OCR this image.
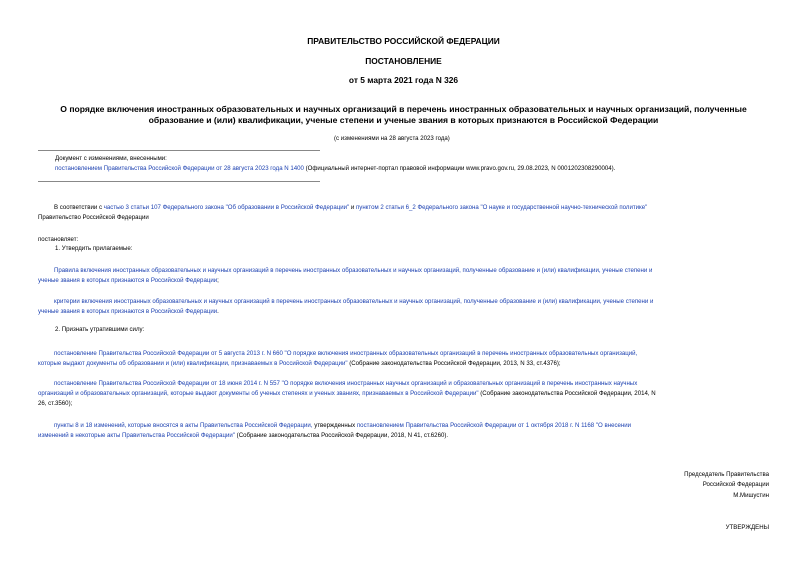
ПРАВИТЕЛЬСТВО РОССИЙСКОЙ ФЕДЕРАЦИИ
ПОСТАНОВЛЕНИЕ
от 5 марта 2021 года N 326
О порядке включения иностранных образовательных и научных организаций в перечень иностранных образовательных и научных организаций, полученные
образование и (или) квалификации, ученые степени и ученые звания в которых признаются в Российской Федерации
(с изменениями на 28 августа 2023 года)
Документ с изменениями, внесенными:
постановлением Правительства Российской Федерации от 28 августа 2023 года N 1400 (Официальный интернет-портал правовой информации www.pravo.gov.ru, 29.08.2023, N 0001202308290004).
В соответствии с частью 3 статьи 107 Федерального закона "Об образовании в Российской Федерации" и пунктом 2 статьи 6_2 Федерального закона "О науке и государственной научно-технической политике"
Правительство Российской Федерации
постановляет:
1. Утвердить прилагаемые:
Правила включения иностранных образовательных и научных организаций в перечень иностранных образовательных и научных организаций, полученные образование и (или) квалификации, ученые степени и
ученые звания в которых признаются в Российской Федерации;
критерии включения иностранных образовательных и научных организаций в перечень иностранных образовательных и научных организаций, полученные образование и (или) квалификации, ученые степени и
ученые звания в которых признаются в Российской Федерации.
2. Признать утратившими силу:
постановление Правительства Российской Федерации от 5 августа 2013 г. N 660 "О порядке включения иностранных образовательных организаций в перечень иностранных образовательных организаций,
которые выдают документы об образовании и (или) квалификации, признаваемых в Российской Федерации" (Собрание законодательства Российской Федерации, 2013, N 33, ст.4376);
постановление Правительства Российской Федерации от 18 июня 2014 г. N 557 "О порядке включения иностранных научных организаций и образовательных организаций в перечень иностранных научных
организаций и образовательных организаций, которые выдают документы об ученых степенях и ученых званиях, признаваемых в Российской Федерации" (Собрание законодательства Российской Федерации, 2014, N
26, ст.3560);
пункты 8 и 18 изменений, которые вносятся в акты Правительства Российской Федерации, утвержденных постановлением Правительства Российской Федерации от 1 октября 2018 г. N 1168 "О внесении
изменений в некоторые акты Правительства Российской Федерации" (Собрание законодательства Российской Федерации, 2018, N 41, ст.6260).
Председатель Правительства
Российской Федерации
М.Мишустин
УТВЕРЖДЕНЫ
